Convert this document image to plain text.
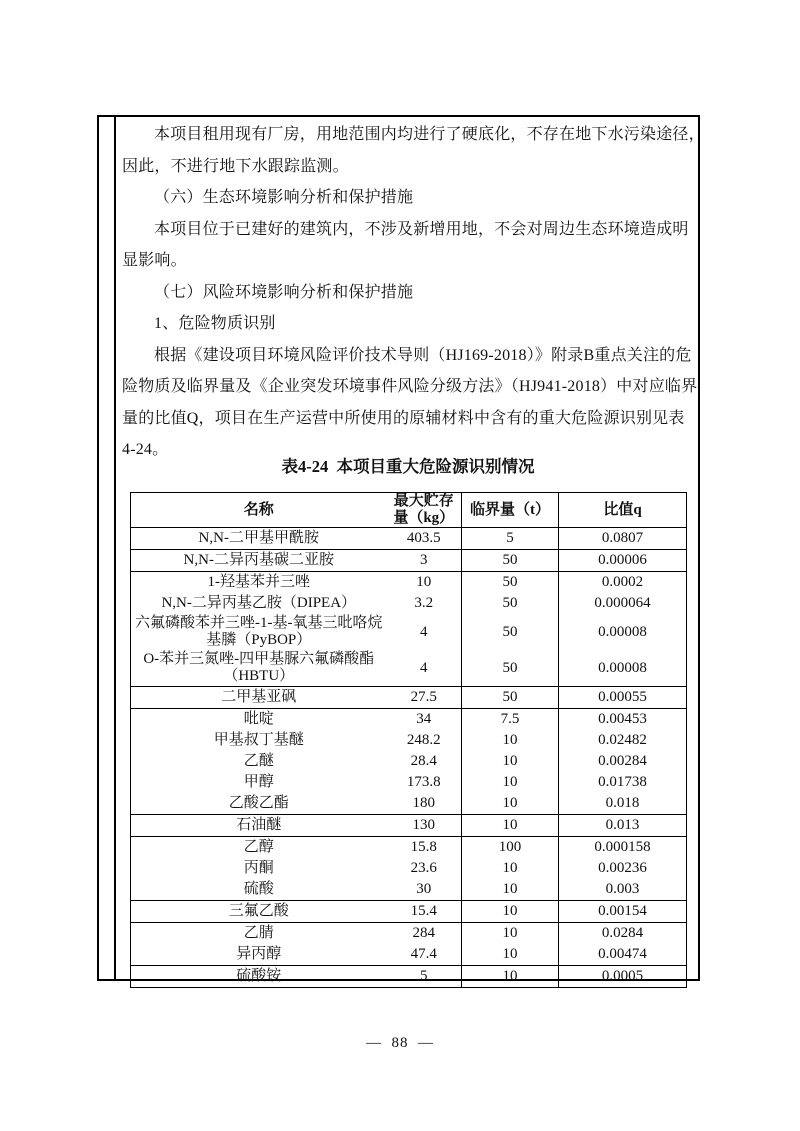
本项目租用现有厂房，用地范围内均进行了硬底化，不存在地下水污染途径，
因此，不进行地下水跟踪监测。
（六）生态环境影响分析和保护措施
本项目位于已建好的建筑内，不涉及新增用地，不会对周边生态环境造成明
显影响。
（七）风险环境影响分析和保护措施
1、危险物质识别
根据《建设项目环境风险评价技术导则（HJ169-2018）》附录B重点关注的危
险物质及临界量及《企业突发环境事件风险分级方法》（HJ941-2018）中对应临界
量的比值Q，项目在生产运营中所使用的原辅材料中含有的重大危险源识别见表
4-24。
表4-24  本项目重大危险源识别情况
名称	最大贮存量（kg）	临界量（t）	比值q
N,N-二甲基甲酰胺	403.5	5	0.0807
N,N-二异丙基碳二亚胺	3	50	0.00006
1-羟基苯并三唑	10	50	0.0002
N,N-二异丙基乙胺（DIPEA）	3.2	50	0.000064
六氟磷酸苯并三唑-1-基-氧基三吡咯烷基膦（PyBOP）	4	50	0.00008
O-苯并三氮唑-四甲基脲六氟磷酸酯（HBTU）	4	50	0.00008
二甲基亚砜	27.5	50	0.00055
吡啶	34	7.5	0.00453
甲基叔丁基醚	248.2	10	0.02482
乙醚	28.4	10	0.00284
甲醇	173.8	10	0.01738
乙酸乙酯	180	10	0.018
石油醚	130	10	0.013
乙醇	15.8	100	0.000158
丙酮	23.6	10	0.00236
硫酸	30	10	0.003
三氟乙酸	15.4	10	0.00154
乙腈	284	10	0.0284
异丙醇	47.4	10	0.00474
硫酸铵	5	10	0.0005
—  88  —
